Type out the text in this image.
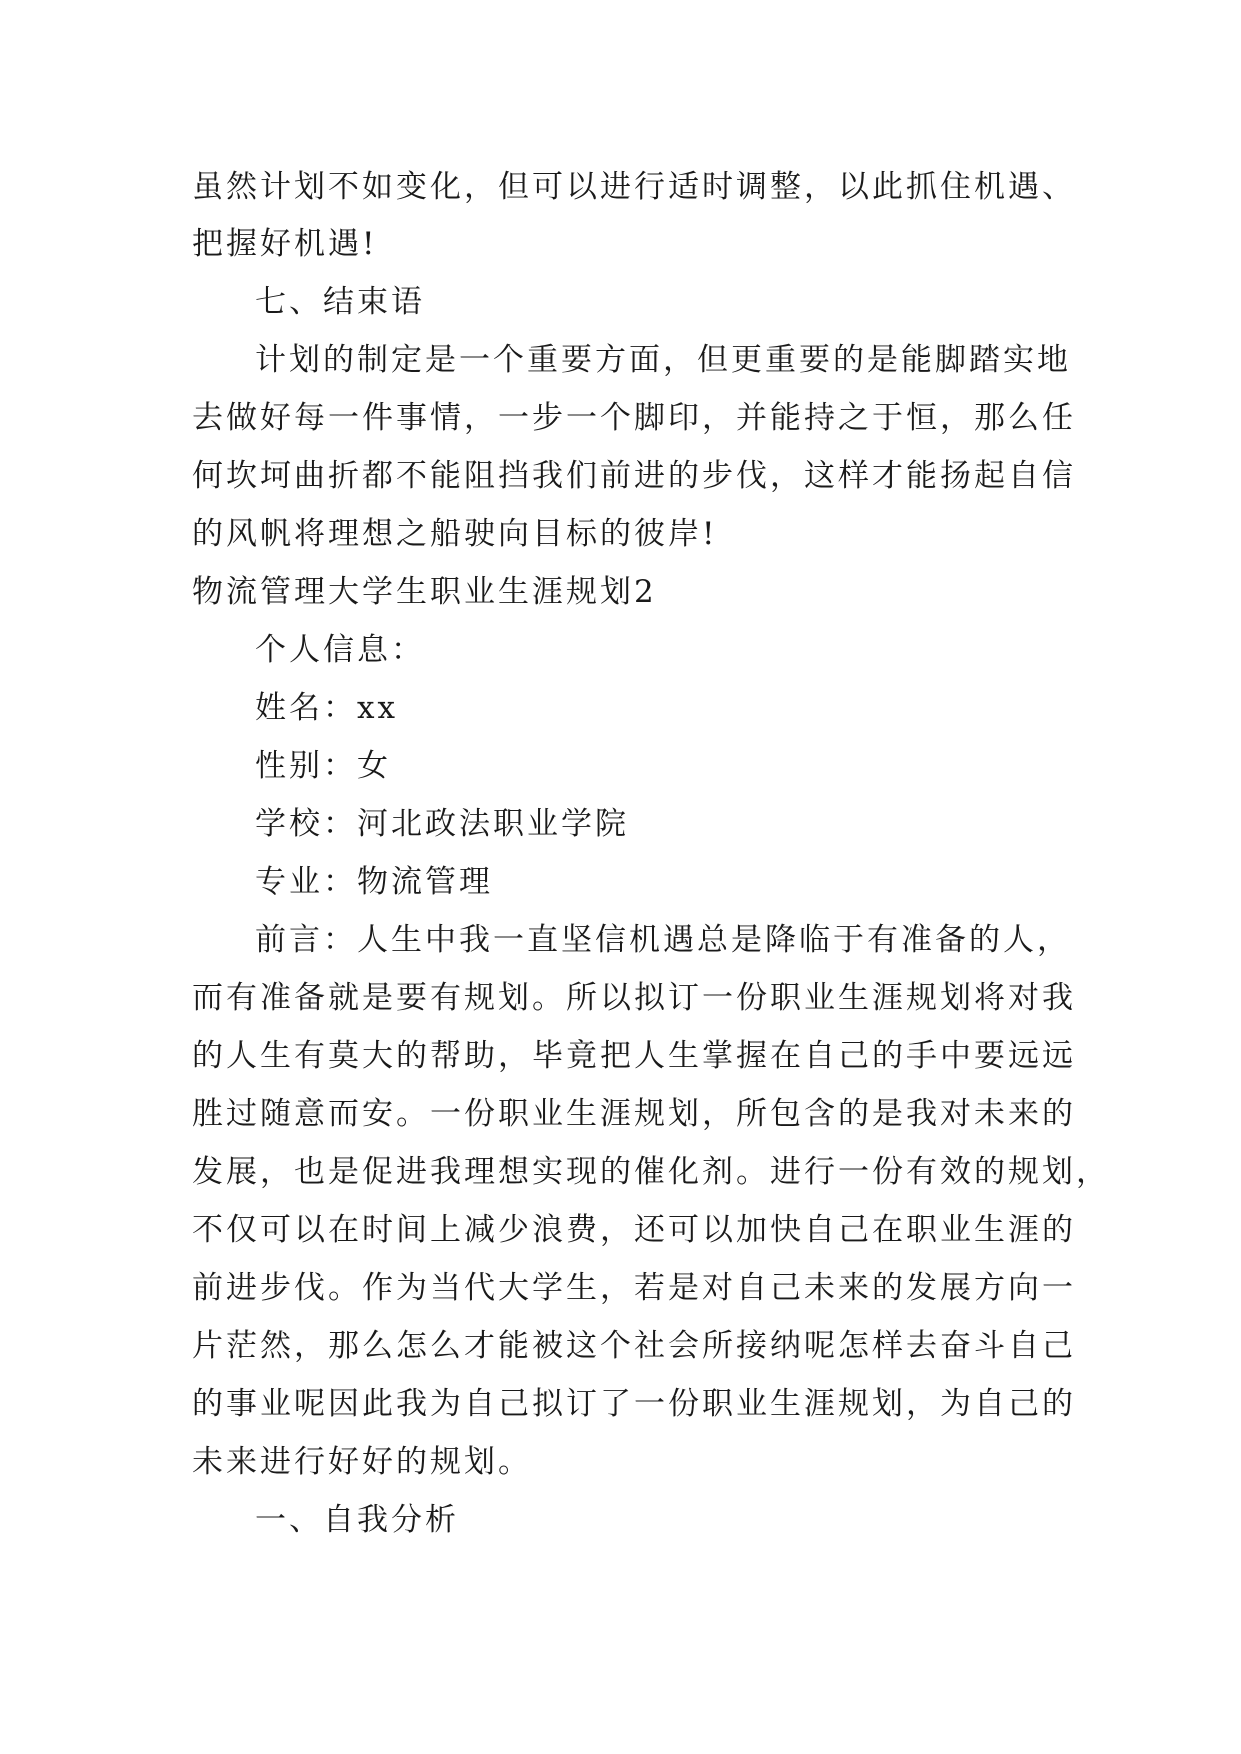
虽然计划不如变化，但可以进行适时调整，以此抓住机遇、
把握好机遇!
七、结束语
计划的制定是一个重要方面，但更重要的是能脚踏实地
去做好每一件事情，一步一个脚印，并能持之于恒，那么任
何坎坷曲折都不能阻挡我们前进的步伐，这样才能扬起自信
的风帆将理想之船驶向目标的彼岸!
物流管理大学生职业生涯规划2
个人信息：
姓名：xx
性别：女
学校：河北政法职业学院
专业：物流管理
前言：人生中我一直坚信机遇总是降临于有准备的人，
而有准备就是要有规划。所以拟订一份职业生涯规划将对我
的人生有莫大的帮助，毕竟把人生掌握在自己的手中要远远
胜过随意而安。一份职业生涯规划，所包含的是我对未来的
发展，也是促进我理想实现的催化剂。进行一份有效的规划，
不仅可以在时间上减少浪费，还可以加快自己在职业生涯的
前进步伐。作为当代大学生，若是对自己未来的发展方向一
片茫然，那么怎么才能被这个社会所接纳呢怎样去奋斗自己
的事业呢因此我为自己拟订了一份职业生涯规划，为自己的
未来进行好好的规划。
一、自我分析
